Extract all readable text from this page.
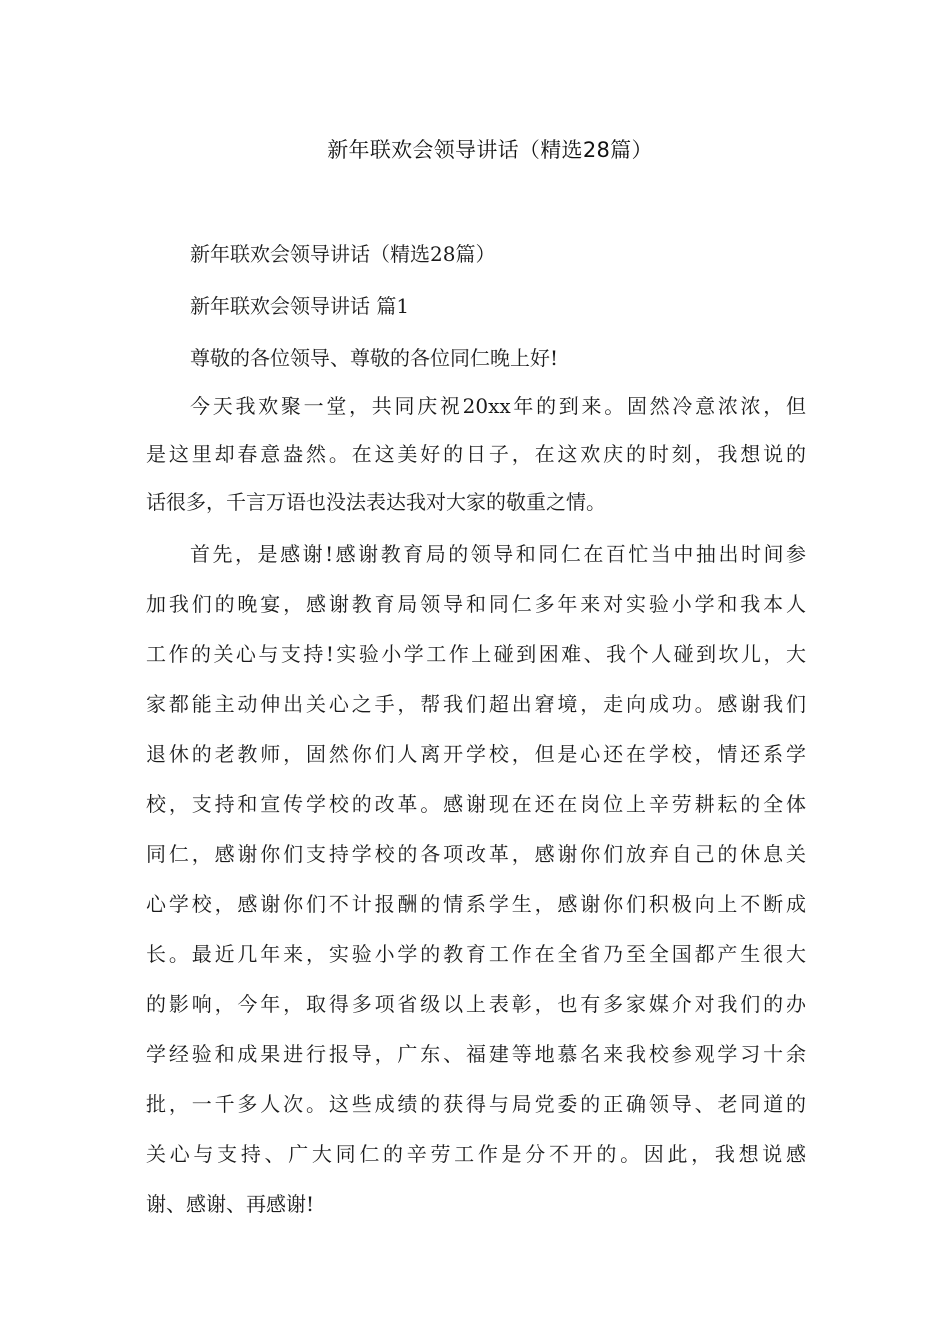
新年联欢会领导讲话（精选28篇）

新年联欢会领导讲话（精选28篇）

新年联欢会领导讲话 篇1

尊敬的各位领导、尊敬的各位同仁晚上好!

今天我欢聚一堂，共同庆祝20xx年的到来。固然冷意浓浓，但

是这里却春意盎然。在这美好的日子，在这欢庆的时刻，我想说的

话很多，千言万语也没法表达我对大家的敬重之情。

首先，是感谢!感谢教育局的领导和同仁在百忙当中抽出时间参

加我们的晚宴，感谢教育局领导和同仁多年来对实验小学和我本人

工作的关心与支持!实验小学工作上碰到困难、我个人碰到坎儿，大

家都能主动伸出关心之手，帮我们超出窘境，走向成功。感谢我们

退休的老教师，固然你们人离开学校，但是心还在学校，情还系学

校，支持和宣传学校的改革。感谢现在还在岗位上辛劳耕耘的全体

同仁，感谢你们支持学校的各项改革，感谢你们放弃自己的休息关

心学校，感谢你们不计报酬的情系学生，感谢你们积极向上不断成

长。最近几年来，实验小学的教育工作在全省乃至全国都产生很大

的影响，今年，取得多项省级以上表彰，也有多家媒介对我们的办

学经验和成果进行报导，广东、福建等地慕名来我校参观学习十余

批，一千多人次。这些成绩的获得与局党委的正确领导、老同道的

关心与支持、广大同仁的辛劳工作是分不开的。因此，我想说感

谢、感谢、再感谢!
